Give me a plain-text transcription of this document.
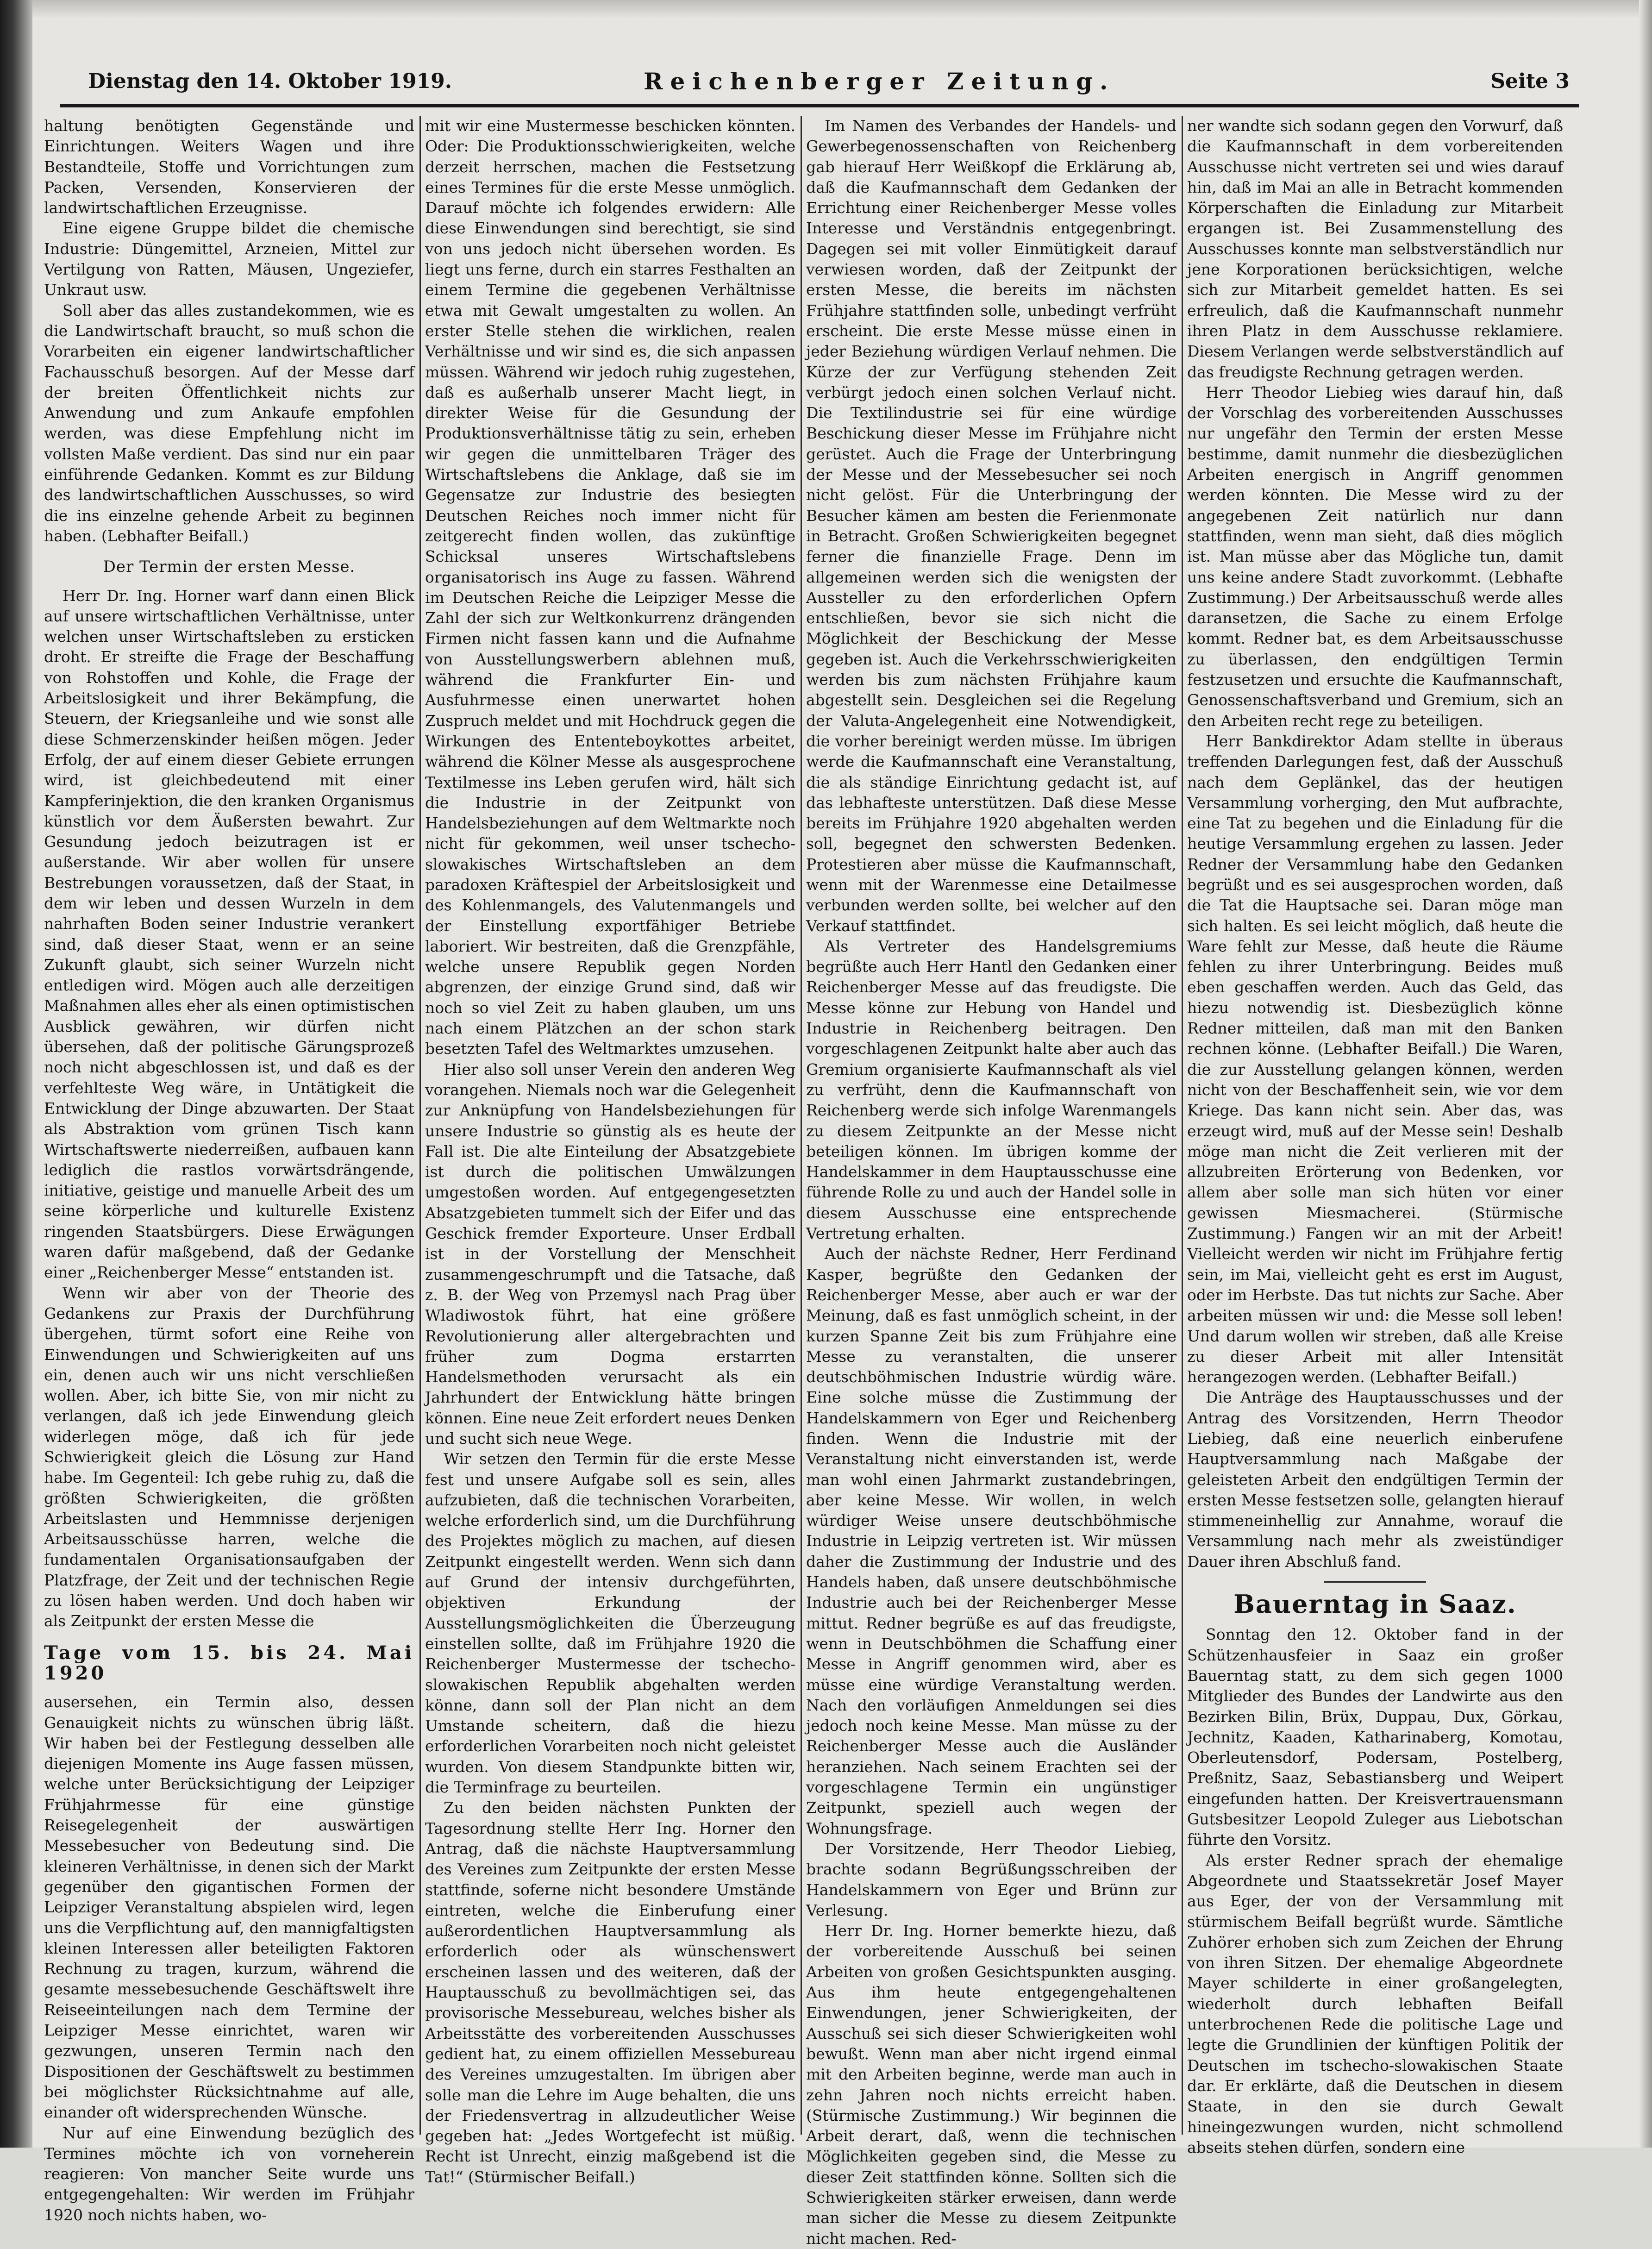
Dienstag den 14. Oktober 1919.	Reichenberger Zeitung.	Seite 3

haltung benötigten Gegenstände und Einrichtungen. Weiters Wagen und ihre Bestandteile, Stoffe und Vorrichtungen zum Packen, Versenden, Konservieren der landwirtschaftlichen Erzeugnisse.

Eine eigene Gruppe bildet die chemische Industrie: Düngemittel, Arzneien, Mittel zur Vertilgung von Ratten, Mäusen, Ungeziefer, Unkraut usw.

Soll aber das alles zustandekommen, wie es die Landwirtschaft braucht, so muß schon die Vorarbeiten ein eigener landwirtschaftlicher Fachausschuß besorgen. Auf der Messe darf der breiten Öffentlichkeit nichts zur Anwendung und zum Ankaufe empfohlen werden, was diese Empfehlung nicht im vollsten Maße verdient. Das sind nur ein paar einführende Gedanken. Kommt es zur Bildung des landwirtschaftlichen Ausschusses, so wird die ins einzelne gehende Arbeit zu beginnen haben. (Lebhafter Beifall.)

Der Termin der ersten Messe.

Herr Dr. Ing. Horner warf dann einen Blick auf unsere wirtschaftlichen Verhältnisse, unter welchen unser Wirtschaftsleben zu ersticken droht. Er streifte die Frage der Beschaffung von Rohstoffen und Kohle, die Frage der Arbeitslosigkeit und ihrer Bekämpfung, die Steuern, der Kriegsanleihe und wie sonst alle diese Schmerzenskinder heißen mögen. Jeder Erfolg, der auf einem dieser Gebiete errungen wird, ist gleichbedeutend mit einer Kampferinjektion, die den kranken Organismus künstlich vor dem Äußersten bewahrt. Zur Gesundung jedoch beizutragen ist er außerstande. Wir aber wollen für unsere Bestrebungen voraussetzen, daß der Staat, in dem wir leben und dessen Wurzeln in dem nahrhaften Boden seiner Industrie verankert sind, daß dieser Staat, wenn er an seine Zukunft glaubt, sich seiner Wurzeln nicht entledigen wird. Mögen auch alle derzeitigen Maßnahmen alles eher als einen optimistischen Ausblick gewähren, wir dürfen nicht übersehen, daß der politische Gärungsprozeß noch nicht abgeschlossen ist, und daß es der verfehlteste Weg wäre, in Untätigkeit die Entwicklung der Dinge abzuwarten. Der Staat als Abstraktion vom grünen Tisch kann Wirtschaftswerte niederreißen, aufbauen kann lediglich die rastlos vorwärtsdrängende, initiative, geistige und manuelle Arbeit des um seine körperliche und kulturelle Existenz ringenden Staatsbürgers. Diese Erwägungen waren dafür maßgebend, daß der Gedanke einer „Reichenberger Messe“ entstanden ist.

Wenn wir aber von der Theorie des Gedankens zur Praxis der Durchführung übergehen, türmt sofort eine Reihe von Einwendungen und Schwierigkeiten auf uns ein, denen auch wir uns nicht verschließen wollen. Aber, ich bitte Sie, von mir nicht zu verlangen, daß ich jede Einwendung gleich widerlegen möge, daß ich für jede Schwierigkeit gleich die Lösung zur Hand habe. Im Gegenteil: Ich gebe ruhig zu, daß die größten Schwierigkeiten, die größten Arbeitslasten und Hemmnisse derjenigen Arbeitsausschüsse harren, welche die fundamentalen Organisationsaufgaben der Platzfrage, der Zeit und der technischen Regie zu lösen haben werden. Und doch haben wir als Zeitpunkt der ersten Messe die

Tage vom 15. bis 24. Mai 1920

ausersehen, ein Termin also, dessen Genauigkeit nichts zu wünschen übrig läßt. Wir haben bei der Festlegung desselben alle diejenigen Momente ins Auge fassen müssen, welche unter Berücksichtigung der Leipziger Frühjahrmesse für eine günstige Reisegelegenheit der auswärtigen Messebesucher von Bedeutung sind. Die kleineren Verhältnisse, in denen sich der Markt gegenüber den gigantischen Formen der Leipziger Veranstaltung abspielen wird, legen uns die Verpflichtung auf, den mannigfaltigsten kleinen Interessen aller beteiligten Faktoren Rechnung zu tragen, kurzum, während die gesamte messebesuchende Geschäftswelt ihre Reiseeinteilungen nach dem Termine der Leipziger Messe einrichtet, waren wir gezwungen, unseren Termin nach den Dispositionen der Geschäftswelt zu bestimmen bei möglichster Rücksichtnahme auf alle, einander oft widersprechenden Wünsche.

Nur auf eine Einwendung bezüglich des Termines möchte ich von vorneherein reagieren: Von mancher Seite wurde uns entgegengehalten: Wir werden im Frühjahr 1920 noch nichts haben, wo-

mit wir eine Mustermesse beschicken könnten. Oder: Die Produktionsschwierigkeiten, welche derzeit herrschen, machen die Festsetzung eines Termines für die erste Messe unmöglich. Darauf möchte ich folgendes erwidern: Alle diese Einwendungen sind berechtigt, sie sind von uns jedoch nicht übersehen worden. Es liegt uns ferne, durch ein starres Festhalten an einem Termine die gegebenen Verhältnisse etwa mit Gewalt umgestalten zu wollen. An erster Stelle stehen die wirklichen, realen Verhältnisse und wir sind es, die sich anpassen müssen. Während wir jedoch ruhig zugestehen, daß es außerhalb unserer Macht liegt, in direkter Weise für die Gesundung der Produktionsverhältnisse tätig zu sein, erheben wir gegen die unmittelbaren Träger des Wirtschaftslebens die Anklage, daß sie im Gegensatze zur Industrie des besiegten Deutschen Reiches noch immer nicht für zeitgerecht finden wollen, das zukünftige Schicksal unseres Wirtschaftslebens organisatorisch ins Auge zu fassen. Während im Deutschen Reiche die Leipziger Messe die Zahl der sich zur Weltkonkurrenz drängenden Firmen nicht fassen kann und die Aufnahme von Ausstellungswerbern ablehnen muß, während die Frankfurter Ein- und Ausfuhrmesse einen unerwartet hohen Zuspruch meldet und mit Hochdruck gegen die Wirkungen des Ententeboykottes arbeitet, während die Kölner Messe als ausgesprochene Textilmesse ins Leben gerufen wird, hält sich die Industrie in der Zeitpunkt von Handelsbeziehungen auf dem Weltmarkte noch nicht für gekommen, weil unser tschecho-slowakisches Wirtschaftsleben an dem paradoxen Kräftespiel der Arbeitslosigkeit und des Kohlenmangels, des Valutenmangels und der Einstellung exportfähiger Betriebe laboriert. Wir bestreiten, daß die Grenzpfähle, welche unsere Republik gegen Norden abgrenzen, der einzige Grund sind, daß wir noch so viel Zeit zu haben glauben, um uns nach einem Plätzchen an der schon stark besetzten Tafel des Weltmarktes umzusehen.

Hier also soll unser Verein den anderen Weg vorangehen. Niemals noch war die Gelegenheit zur Anknüpfung von Handelsbeziehungen für unsere Industrie so günstig als es heute der Fall ist. Die alte Einteilung der Absatzgebiete ist durch die politischen Umwälzungen umgestoßen worden. Auf entgegengesetzten Absatzgebieten tummelt sich der Eifer und das Geschick fremder Exporteure. Unser Erdball ist in der Vorstellung der Menschheit zusammengeschrumpft und die Tatsache, daß z. B. der Weg von Przemysl nach Prag über Wladiwostok führt, hat eine größere Revolutionierung aller altergebrachten und früher zum Dogma erstarrten Handelsmethoden verursacht als ein Jahrhundert der Entwicklung hätte bringen können. Eine neue Zeit erfordert neues Denken und sucht sich neue Wege.

Wir setzen den Termin für die erste Messe fest und unsere Aufgabe soll es sein, alles aufzubieten, daß die technischen Vorarbeiten, welche erforderlich sind, um die Durchführung des Projektes möglich zu machen, auf diesen Zeitpunkt eingestellt werden. Wenn sich dann auf Grund der intensiv durchgeführten, objektiven Erkundung der Ausstellungsmöglichkeiten die Überzeugung einstellen sollte, daß im Frühjahre 1920 die Reichenberger Mustermesse der tschecho-slowakischen Republik abgehalten werden könne, dann soll der Plan nicht an dem Umstande scheitern, daß die hiezu erforderlichen Vorarbeiten noch nicht geleistet wurden. Von diesem Standpunkte bitten wir, die Terminfrage zu beurteilen.

Zu den beiden nächsten Punkten der Tagesordnung stellte Herr Ing. Horner den Antrag, daß die nächste Hauptversammlung des Vereines zum Zeitpunkte der ersten Messe stattfinde, soferne nicht besondere Umstände eintreten, welche die Einberufung einer außerordentlichen Hauptversammlung als erforderlich oder als wünschenswert erscheinen lassen und des weiteren, daß der Hauptausschuß zu bevollmächtigen sei, das provisorische Messebureau, welches bisher als Arbeitsstätte des vorbereitenden Ausschusses gedient hat, zu einem offiziellen Messebureau des Vereines umzugestalten. Im übrigen aber solle man die Lehre im Auge behalten, die uns der Friedensvertrag in allzudeutlicher Weise gegeben hat: „Jedes Wortgefecht ist müßig. Recht ist Unrecht, einzig maßgebend ist die Tat!“ (Stürmischer Beifall.)

Im Namen des Verbandes der Handels- und Gewerbegenossenschaften von Reichenberg gab hierauf Herr Weißkopf die Erklärung ab, daß die Kaufmannschaft dem Gedanken der Errichtung einer Reichenberger Messe volles Interesse und Verständnis entgegenbringt. Dagegen sei mit voller Einmütigkeit darauf verwiesen worden, daß der Zeitpunkt der ersten Messe, die bereits im nächsten Frühjahre stattfinden solle, unbedingt verfrüht erscheint. Die erste Messe müsse einen in jeder Beziehung würdigen Verlauf nehmen. Die Kürze der zur Verfügung stehenden Zeit verbürgt jedoch einen solchen Verlauf nicht. Die Textilindustrie sei für eine würdige Beschickung dieser Messe im Frühjahre nicht gerüstet. Auch die Frage der Unterbringung der Messe und der Messebesucher sei noch nicht gelöst. Für die Unterbringung der Besucher kämen am besten die Ferienmonate in Betracht. Großen Schwierigkeiten begegnet ferner die finanzielle Frage. Denn im allgemeinen werden sich die wenigsten der Aussteller zu den erforderlichen Opfern entschließen, bevor sie sich nicht die Möglichkeit der Beschickung der Messe gegeben ist. Auch die Verkehrsschwierigkeiten werden bis zum nächsten Frühjahre kaum abgestellt sein. Desgleichen sei die Regelung der Valuta-Angelegenheit eine Notwendigkeit, die vorher bereinigt werden müsse. Im übrigen werde die Kaufmannschaft eine Veranstaltung, die als ständige Einrichtung gedacht ist, auf das lebhafteste unterstützen. Daß diese Messe bereits im Frühjahre 1920 abgehalten werden soll, begegnet den schwersten Bedenken. Protestieren aber müsse die Kaufmannschaft, wenn mit der Warenmesse eine Detailmesse verbunden werden sollte, bei welcher auf den Verkauf stattfindet.

Als Vertreter des Handelsgremiums begrüßte auch Herr Hantl den Gedanken einer Reichenberger Messe auf das freudigste. Die Messe könne zur Hebung von Handel und Industrie in Reichenberg beitragen. Den vorgeschlagenen Zeitpunkt halte aber auch das Gremium organisierte Kaufmannschaft als viel zu verfrüht, denn die Kaufmannschaft von Reichenberg werde sich infolge Warenmangels zu diesem Zeitpunkte an der Messe nicht beteiligen können. Im übrigen komme der Handelskammer in dem Hauptausschusse eine führende Rolle zu und auch der Handel solle in diesem Ausschusse eine entsprechende Vertretung erhalten.

Auch der nächste Redner, Herr Ferdinand Kasper, begrüßte den Gedanken der Reichenberger Messe, aber auch er war der Meinung, daß es fast unmöglich scheint, in der kurzen Spanne Zeit bis zum Frühjahre eine Messe zu veranstalten, die unserer deutschböhmischen Industrie würdig wäre. Eine solche müsse die Zustimmung der Handelskammern von Eger und Reichenberg finden. Wenn die Industrie mit der Veranstaltung nicht einverstanden ist, werde man wohl einen Jahrmarkt zustandebringen, aber keine Messe. Wir wollen, in welch würdiger Weise unsere deutschböhmische Industrie in Leipzig vertreten ist. Wir müssen daher die Zustimmung der Industrie und des Handels haben, daß unsere deutschböhmische Industrie auch bei der Reichenberger Messe mittut. Redner begrüße es auf das freudigste, wenn in Deutschböhmen die Schaffung einer Messe in Angriff genommen wird, aber es müsse eine würdige Veranstaltung werden. Nach den vorläufigen Anmeldungen sei dies jedoch noch keine Messe. Man müsse zu der Reichenberger Messe auch die Ausländer heranziehen. Nach seinem Erachten sei der vorgeschlagene Termin ein ungünstiger Zeitpunkt, speziell auch wegen der Wohnungsfrage.

Der Vorsitzende, Herr Theodor Liebieg, brachte sodann Begrüßungsschreiben der Handelskammern von Eger und Brünn zur Verlesung.

Herr Dr. Ing. Horner bemerkte hiezu, daß der vorbereitende Ausschuß bei seinen Arbeiten von großen Gesichtspunkten ausging. Aus ihm heute entgegengehaltenen Einwendungen, jener Schwierigkeiten, der Ausschuß sei sich dieser Schwierigkeiten wohl bewußt. Wenn man aber nicht irgend einmal mit den Arbeiten beginne, werde man auch in zehn Jahren noch nichts erreicht haben. (Stürmische Zustimmung.) Wir beginnen die Arbeit derart, daß, wenn die technischen Möglichkeiten gegeben sind, die Messe zu dieser Zeit stattfinden könne. Sollten sich die Schwierigkeiten stärker erweisen, dann werde man sicher die Messe zu diesem Zeitpunkte nicht machen. Red-

ner wandte sich sodann gegen den Vorwurf, daß die Kaufmannschaft in dem vorbereitenden Ausschusse nicht vertreten sei und wies darauf hin, daß im Mai an alle in Betracht kommenden Körperschaften die Einladung zur Mitarbeit ergangen ist. Bei Zusammenstellung des Ausschusses konnte man selbstverständlich nur jene Korporationen berücksichtigen, welche sich zur Mitarbeit gemeldet hatten. Es sei erfreulich, daß die Kaufmannschaft nunmehr ihren Platz in dem Ausschusse reklamiere. Diesem Verlangen werde selbstverständlich auf das freudigste Rechnung getragen werden.

Herr Theodor Liebieg wies darauf hin, daß der Vorschlag des vorbereitenden Ausschusses nur ungefähr den Termin der ersten Messe bestimme, damit nunmehr die diesbezüglichen Arbeiten energisch in Angriff genommen werden könnten. Die Messe wird zu der angegebenen Zeit natürlich nur dann stattfinden, wenn man sieht, daß dies möglich ist. Man müsse aber das Mögliche tun, damit uns keine andere Stadt zuvorkommt. (Lebhafte Zustimmung.) Der Arbeitsausschuß werde alles daransetzen, die Sache zu einem Erfolge kommt. Redner bat, es dem Arbeitsausschusse zu überlassen, den endgültigen Termin festzusetzen und ersuchte die Kaufmannschaft, Genossenschaftsverband und Gremium, sich an den Arbeiten recht rege zu beteiligen.

Herr Bankdirektor Adam stellte in überaus treffenden Darlegungen fest, daß der Ausschuß nach dem Geplänkel, das der heutigen Versammlung vorherging, den Mut aufbrachte, eine Tat zu begehen und die Einladung für die heutige Versammlung ergehen zu lassen. Jeder Redner der Versammlung habe den Gedanken begrüßt und es sei ausgesprochen worden, daß die Tat die Hauptsache sei. Daran möge man sich halten. Es sei leicht möglich, daß heute die Ware fehlt zur Messe, daß heute die Räume fehlen zu ihrer Unterbringung. Beides muß eben geschaffen werden. Auch das Geld, das hiezu notwendig ist. Diesbezüglich könne Redner mitteilen, daß man mit den Banken rechnen könne. (Lebhafter Beifall.) Die Waren, die zur Ausstellung gelangen können, werden nicht von der Beschaffenheit sein, wie vor dem Kriege. Das kann nicht sein. Aber das, was erzeugt wird, muß auf der Messe sein! Deshalb möge man nicht die Zeit verlieren mit der allzubreiten Erörterung von Bedenken, vor allem aber solle man sich hüten vor einer gewissen Miesmacherei. (Stürmische Zustimmung.) Fangen wir an mit der Arbeit! Vielleicht werden wir nicht im Frühjahre fertig sein, im Mai, vielleicht geht es erst im August, oder im Herbste. Das tut nichts zur Sache. Aber arbeiten müssen wir und: die Messe soll leben! Und darum wollen wir streben, daß alle Kreise zu dieser Arbeit mit aller Intensität herangezogen werden. (Lebhafter Beifall.)

Die Anträge des Hauptausschusses und der Antrag des Vorsitzenden, Herrn Theodor Liebieg, daß eine neuerlich einberufene Hauptversammlung nach Maßgabe der geleisteten Arbeit den endgültigen Termin der ersten Messe festsetzen solle, gelangten hierauf stimmeneinhellig zur Annahme, worauf die Versammlung nach mehr als zweistündiger Dauer ihren Abschluß fand.

Bauerntag in Saaz.

Sonntag den 12. Oktober fand in der Schützenhausfeier in Saaz ein großer Bauerntag statt, zu dem sich gegen 1000 Mitglieder des Bundes der Landwirte aus den Bezirken Bilin, Brüx, Duppau, Dux, Görkau, Jechnitz, Kaaden, Katharinaberg, Komotau, Oberleutensdorf, Podersam, Postelberg, Preßnitz, Saaz, Sebastiansberg und Weipert eingefunden hatten. Der Kreisvertrauensmann Gutsbesitzer Leopold Zuleger aus Liebotschan führte den Vorsitz.

Als erster Redner sprach der ehemalige Abgeordnete und Staatssekretär Josef Mayer aus Eger, der von der Versammlung mit stürmischem Beifall begrüßt wurde. Sämtliche Zuhörer erhoben sich zum Zeichen der Ehrung von ihren Sitzen. Der ehemalige Abgeordnete Mayer schilderte in einer großangelegten, wiederholt durch lebhaften Beifall unterbrochenen Rede die politische Lage und legte die Grundlinien der künftigen Politik der Deutschen im tschecho-slowakischen Staate dar. Er erklärte, daß die Deutschen in diesem Staate, in den sie durch Gewalt hineingezwungen wurden, nicht schmollend abseits stehen dürfen, sondern eine
